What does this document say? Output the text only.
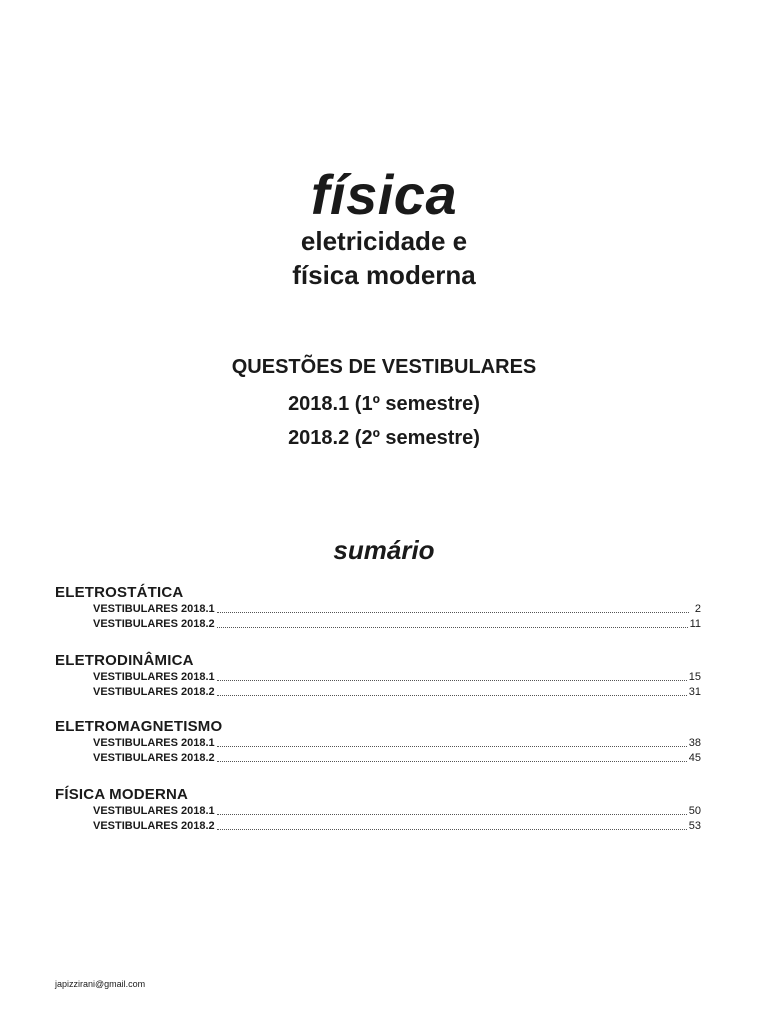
física
eletricidade e
física moderna
QUESTÕES DE VESTIBULARES
2018.1 (1º semestre)
2018.2 (2º semestre)
sumário

ELETROSTÁTICA

VESTIBULARES 2018.1	2
VESTIBULARES 2018.2	11

ELETRODINÂMICA

VESTIBULARES 2018.1	15
VESTIBULARES 2018.2	31

ELETROMAGNETISMO

VESTIBULARES 2018.1	38
VESTIBULARES 2018.2	45

FÍSICA MODERNA

VESTIBULARES 2018.1	50
VESTIBULARES 2018.2	53
japizzirani@gmail.com
